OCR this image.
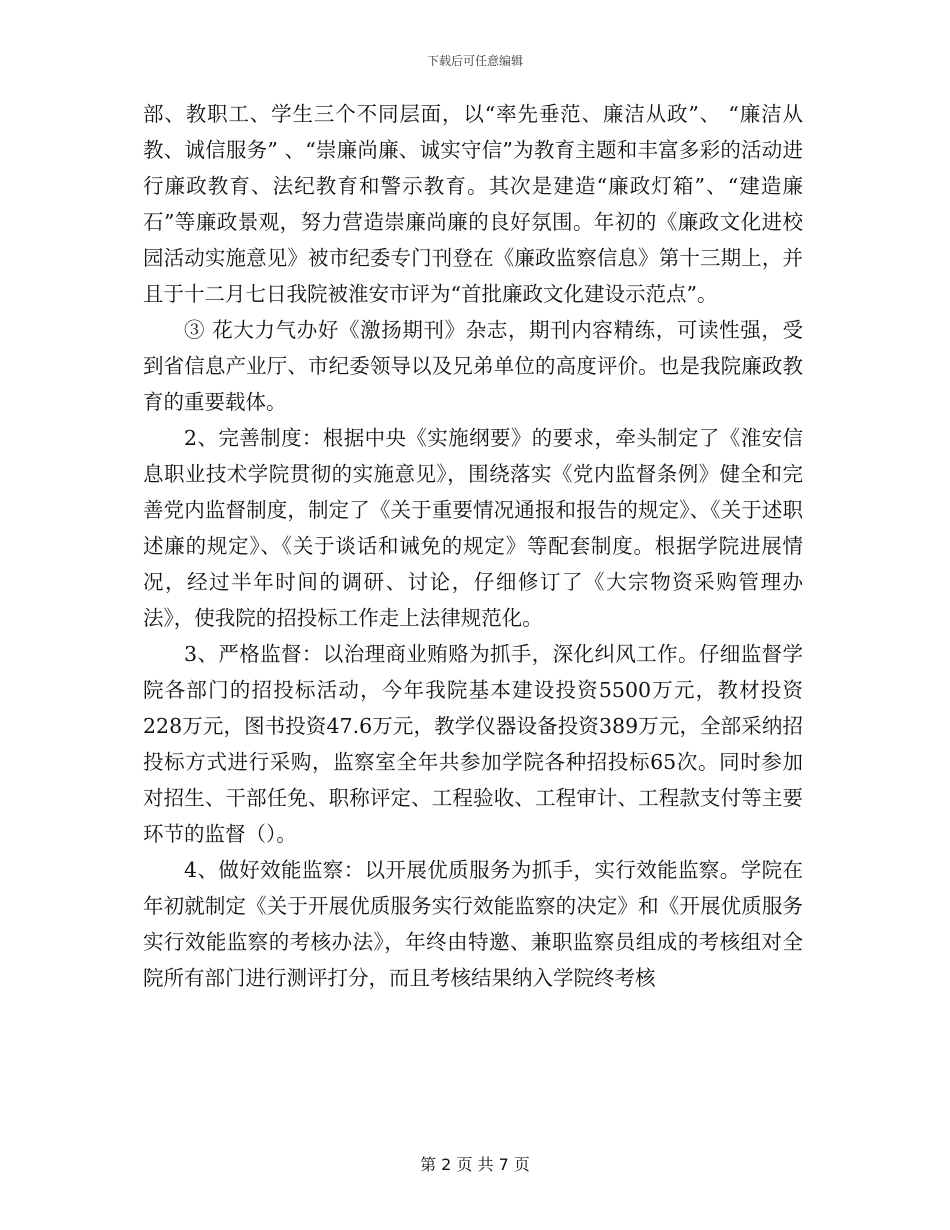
下载后可任意编辑

部、教职工、学生三个不同层面，以“率先垂范、廉洁从政”、 “廉洁从教、诚信服务” 、“崇廉尚廉、诚实守信”为教育主题和丰富多彩的活动进行廉政教育、法纪教育和警示教育。其次是建造“廉政灯箱”、“建造廉石”等廉政景观，努力营造崇廉尚廉的良好氛围。年初的《廉政文化进校园活动实施意见》被市纪委专门刊登在《廉政监察信息》第十三期上，并且于十二月七日我院被淮安市评为“首批廉政文化建设示范点”。

③ 花大力气办好《激扬期刊》杂志，期刊内容精练，可读性强，受到省信息产业厅、市纪委领导以及兄弟单位的高度评价。也是我院廉政教育的重要载体。

2、完善制度：根据中央《实施纲要》的要求，牵头制定了《淮安信息职业技术学院贯彻的实施意见》，围绕落实《党内监督条例》健全和完善党内监督制度，制定了《关于重要情况通报和报告的规定》、《关于述职述廉的规定》、《关于谈话和诫免的规定》等配套制度。根据学院进展情况，经过半年时间的调研、讨论，仔细修订了《大宗物资采购管理办法》，使我院的招投标工作走上法律规范化。

3、严格监督：以治理商业贿赂为抓手，深化纠风工作。仔细监督学院各部门的招投标活动，今年我院基本建设投资5500万元，教材投资228万元，图书投资47.6万元，教学仪器设备投资389万元，全部采纳招投标方式进行采购，监察室全年共参加学院各种招投标65次。同时参加对招生、干部任免、职称评定、工程验收、工程审计、工程款支付等主要环节的监督（）。

4、做好效能监察：以开展优质服务为抓手，实行效能监察。学院在年初就制定《关于开展优质服务实行效能监察的决定》和《开展优质服务实行效能监察的考核办法》，年终由特邀、兼职监察员组成的考核组对全院所有部门进行测评打分，而且考核结果纳入学院终考核

第 2 页 共 7 页
